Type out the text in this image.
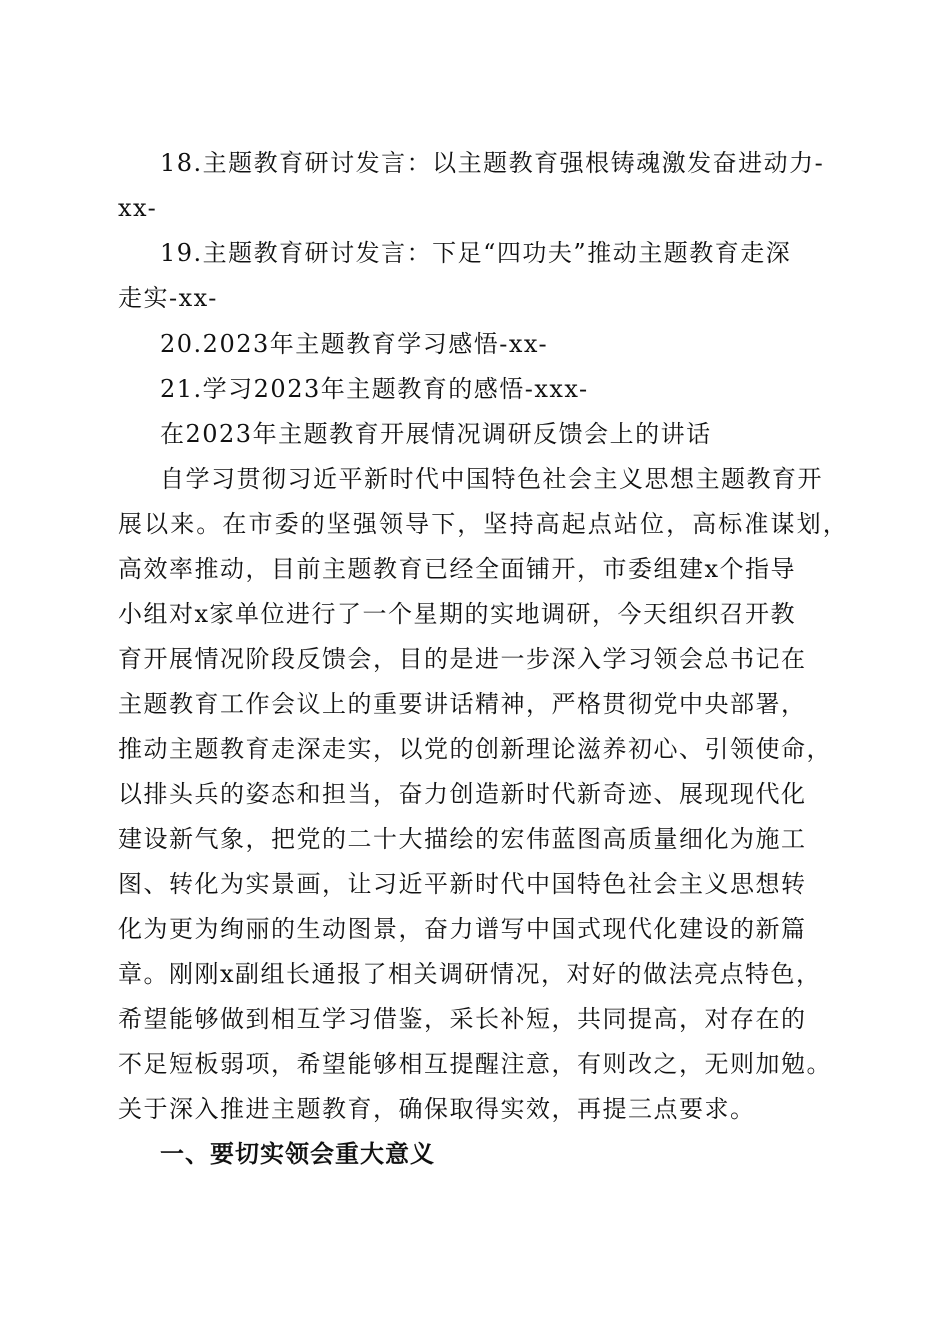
18.主题教育研讨发言：以主题教育强根铸魂激发奋进动力-
xx-
19.主题教育研讨发言：下足“四功夫”推动主题教育走深
走实-xx-
20.2023年主题教育学习感悟-xx-
21.学习2023年主题教育的感悟-xxx-
在2023年主题教育开展情况调研反馈会上的讲话
自学习贯彻习近平新时代中国特色社会主义思想主题教育开
展以来。在市委的坚强领导下，坚持高起点站位，高标准谋划，
高效率推动，目前主题教育已经全面铺开，市委组建x个指导
小组对x家单位进行了一个星期的实地调研，今天组织召开教
育开展情况阶段反馈会，目的是进一步深入学习领会总书记在
主题教育工作会议上的重要讲话精神，严格贯彻党中央部署，
推动主题教育走深走实，以党的创新理论滋养初心、引领使命，
以排头兵的姿态和担当，奋力创造新时代新奇迹、展现现代化
建设新气象，把党的二十大描绘的宏伟蓝图高质量细化为施工
图、转化为实景画，让习近平新时代中国特色社会主义思想转
化为更为绚丽的生动图景，奋力谱写中国式现代化建设的新篇
章。刚刚x副组长通报了相关调研情况，对好的做法亮点特色，
希望能够做到相互学习借鉴，采长补短，共同提高，对存在的
不足短板弱项，希望能够相互提醒注意，有则改之，无则加勉。
关于深入推进主题教育，确保取得实效，再提三点要求。
一、要切实领会重大意义
